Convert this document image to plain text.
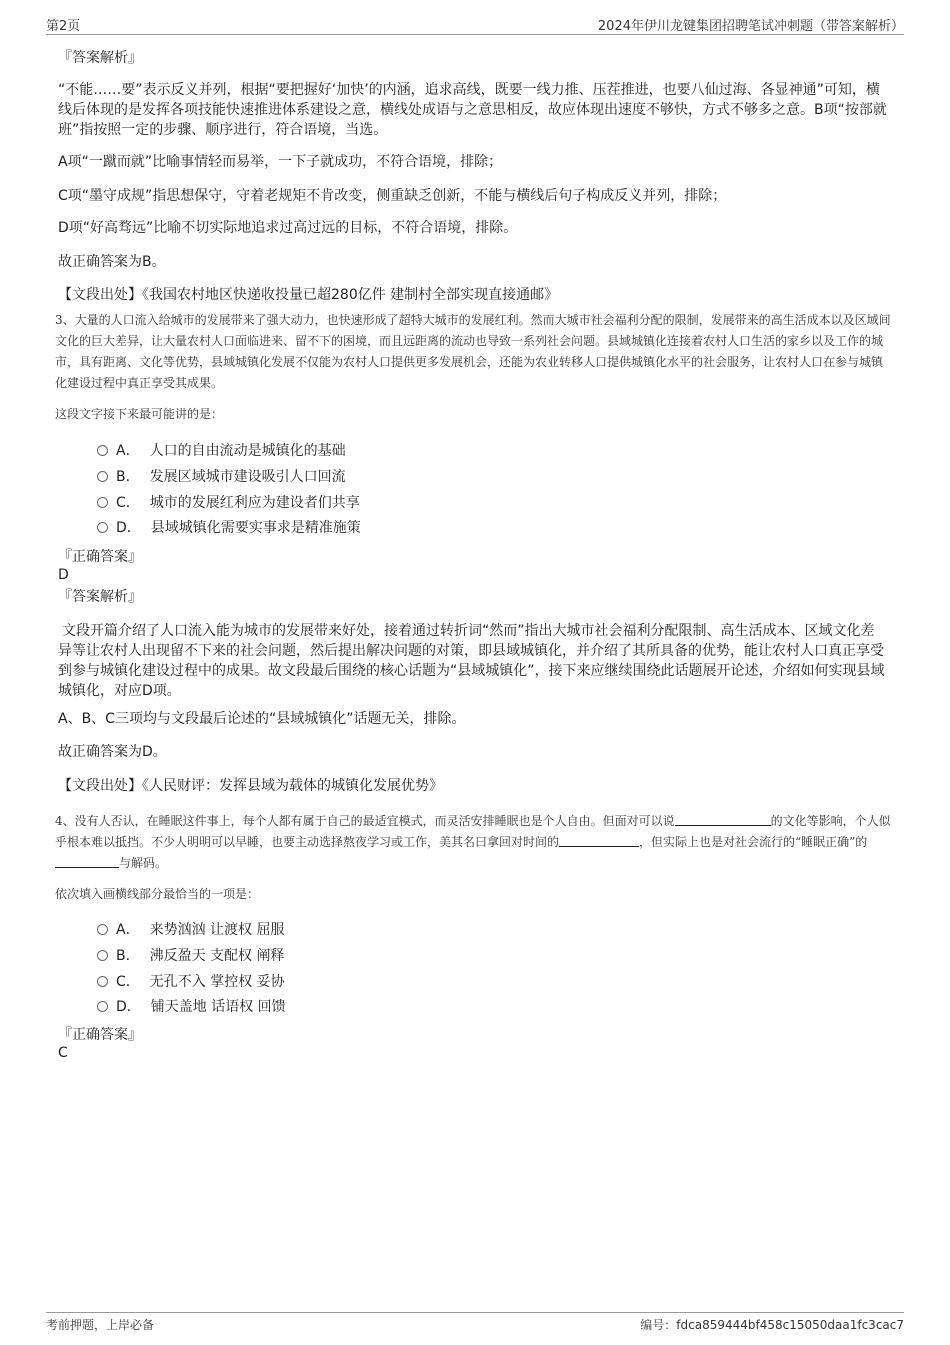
第2页	2024年伊川龙键集团招聘笔试冲刺题（带答案解析）
『答案解析』
“不能……要”表示反义并列，根据“要把握好‘加快’的内涵，追求高线，既要一线力推、压茬推进，也要八仙过海、各显神通”可知，横线后体现的是发挥各项技能快速推进体系建设之意，横线处成语与之意思相反，故应体现出速度不够快，方式不够多之意。B项“按部就班”指按照一定的步骤、顺序进行，符合语境，当选。
A项“一蹴而就”比喻事情轻而易举，一下子就成功，不符合语境，排除；
C项“墨守成规”指思想保守，守着老规矩不肯改变，侧重缺乏创新，不能与横线后句子构成反义并列，排除；
D项“好高骛远”比喻不切实际地追求过高过远的目标，不符合语境，排除。
故正确答案为B。
【文段出处】《我国农村地区快递收投量已超280亿件 建制村全部实现直接通邮》
3、大量的人口流入给城市的发展带来了强大动力，也快速形成了超特大城市的发展红利。然而大城市社会福利分配的限制，发展带来的高生活成本以及区域间文化的巨大差异，让大量农村人口面临进来、留不下的困境，而且远距离的流动也导致一系列社会问题。县域城镇化连接着农村人口生活的家乡以及工作的城市，具有距离、文化等优势，县域城镇化发展不仅能为农村人口提供更多发展机会，还能为农业转移人口提供城镇化水平的社会服务，让农村人口在参与城镇化建设过程中真正享受其成果。
这段文字接下来最可能讲的是：
A． 人口的自由流动是城镇化的基础
B． 发展区域城市建设吸引人口回流
C． 城市的发展红利应为建设者们共享
D． 县域城镇化需要实事求是精准施策
『正确答案』
D
『答案解析』
文段开篇介绍了人口流入能为城市的发展带来好处，接着通过转折词“然而”指出大城市社会福利分配限制、高生活成本、区域文化差异等让农村人出现留不下来的社会问题，然后提出解决问题的对策，即县域城镇化，并介绍了其所具备的优势，能让农村人口真正享受到参与城镇化建设过程中的成果。故文段最后围绕的核心话题为“县域城镇化”，接下来应继续围绕此话题展开论述，介绍如何实现县域城镇化，对应D项。
A、B、C三项均与文段最后论述的“县域城镇化”话题无关，排除。
故正确答案为D。
【文段出处】《人民财评：发挥县域为载体的城镇化发展优势》
4、没有人否认，在睡眠这件事上，每个人都有属于自己的最适宜模式，而灵活安排睡眠也是个人自由。但面对可以说	的文化等影响，个人似乎根本难以抵挡。不少人明明可以早睡，也要主动选择熬夜学习或工作，美其名曰拿回对时间的	，但实际上也是对社会流行的“睡眠正确”的与解码。
依次填入画横线部分最恰当的一项是：
A． 来势汹汹 让渡权 屈服
B． 沸反盈天 支配权 阐释
C． 无孔不入 掌控权 妥协
D． 铺天盖地 话语权 回馈
『正确答案』
C
考前押题，上岸必备	编号：fdca859444bf458c15050daa1fc3cac7
